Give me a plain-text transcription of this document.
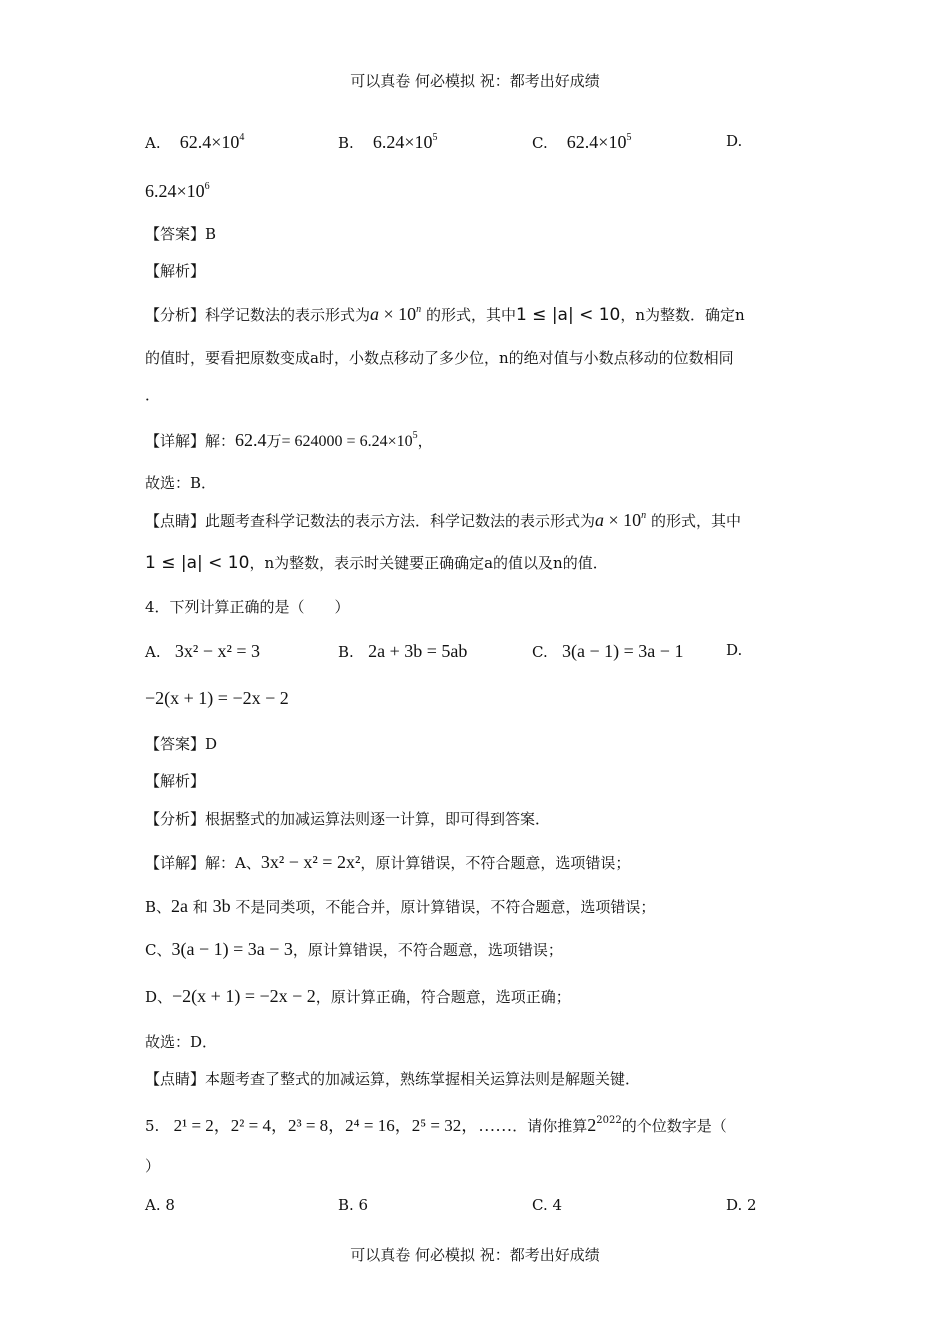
可以真卷 何必模拟 祝：都考出好成绩
A. $62.4\times 10^4$	B. $6.24\times 10^5$	C. $62.4\times 10^5$	D.
$6.24\times 10^6$
【答案】B
【解析】
【分析】科学记数法的表示形式为$a \times 10^n$ 的形式，其中1 ≤ |a| < 10，n为整数．确定n
的值时，要看把原数变成a时，小数点移动了多少位，n的绝对值与小数点移动的位数相同
．
【详解】解：62.4万= $624000 = 6.24\times 10^5$，
故选：B．
【点睛】此题考查科学记数法的表示方法．科学记数法的表示形式为$a \times 10^n$ 的形式，其中
1 ≤ |a| < 10，n为整数，表示时关键要正确确定a的值以及n的值．
4．下列计算正确的是（　　）
A. 3x² − x² = 3	B. 2a + 3b = 5ab	C. 3(a − 1) = 3a − 1	D.
−2(x + 1) = −2x − 2
【答案】D
【解析】
【分析】根据整式的加减运算法则逐一计算，即可得到答案．
【详解】解：A、3x² − x² = 2x²，原计算错误，不符合题意，选项错误；
B、2a 和 3b 不是同类项，不能合并，原计算错误，不符合题意，选项错误；
C、3(a − 1) = 3a − 3，原计算错误，不符合题意，选项错误；
D、−2(x + 1) = −2x − 2，原计算正确，符合题意，选项正确；
故选：D．
【点睛】本题考查了整式的加减运算，熟练掌握相关运算法则是解题关键．
5. 2¹ = 2，2² = 4，2³ = 8，2⁴ = 16，2⁵ = 32，……．请你推算$2^{2022}$的个位数字是（
）
A. 8	B. 6	C. 4	D. 2
可以真卷 何必模拟 祝：都考出好成绩
